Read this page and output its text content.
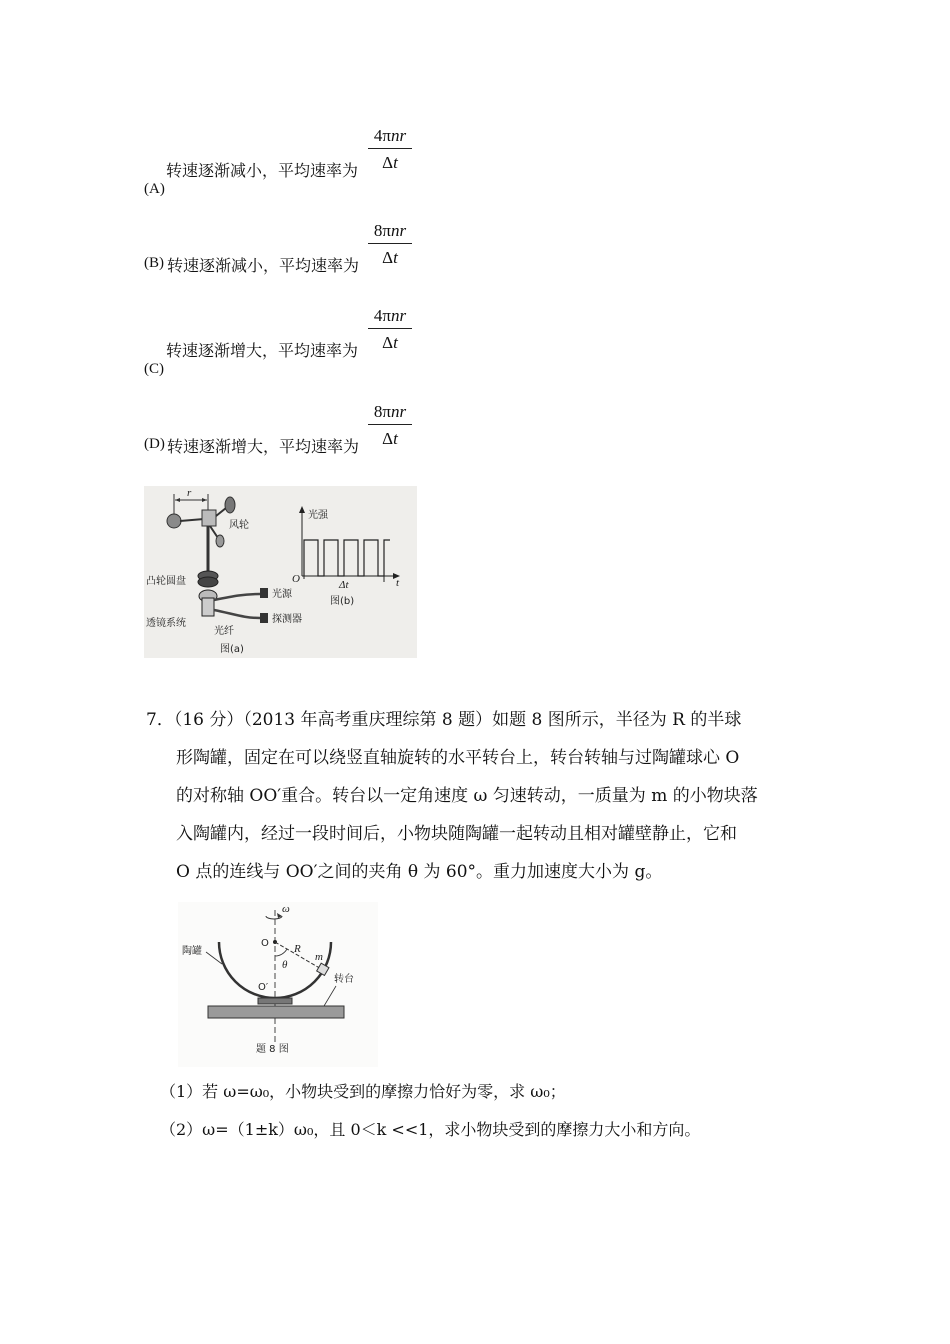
转速逐渐减小，平均速率为
4πnr
Δt
(A)
(B) 转速逐渐减小，平均速率为
8πnr
Δt
转速逐渐增大，平均速率为
4πnr
Δt
(C)
(D) 转速逐渐增大，平均速率为
8πnr
Δt
r
风轮
凸轮圆盘
透镜系统
光源
探测器
光纤
图(a)
光强
O	t
Δt
图(b)
7．（16 分）（2013 年高考重庆理综第 8 题）如题 8 图所示，半径为 R 的半球
形陶罐，固定在可以绕竖直轴旋转的水平转台上，转台转轴与过陶罐球心 O
的对称轴 OO′重合。转台以一定角速度 ω 匀速转动，一质量为 m 的小物块落
入陶罐内，经过一段时间后，小物块随陶罐一起转动且相对罐壁静止，它和
O 点的连线与 OO′之间的夹角 θ 为 60°。重力加速度大小为 g。
ω
陶罐
O R
θ
m
O′
转台
题 8 图
（1）若 ω=ω₀，小物块受到的摩擦力恰好为零，求 ω₀；
（2）ω=（1±k）ω₀，且 0＜k <<1，求小物块受到的摩擦力大小和方向。
